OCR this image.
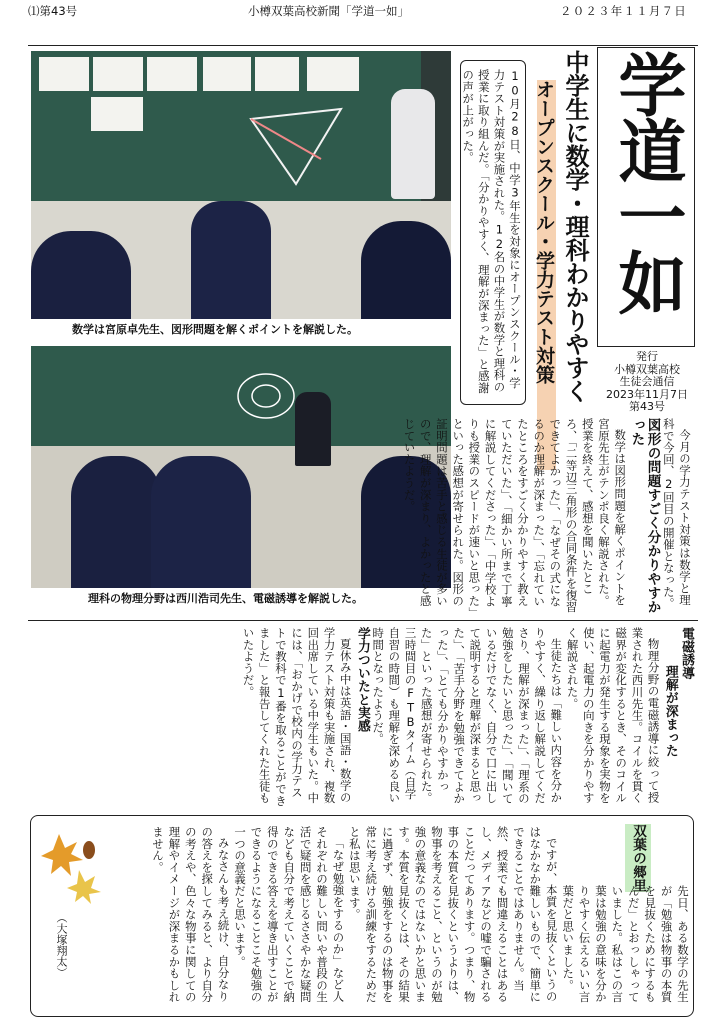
⑴第43号	小樽双葉高校新聞「学道一如」	２０２３年１１月７日
学道一如
発行
小樽双葉高校
生徒会通信
2023年11月7日
第43号
中学生に数学・理科わかりやすく
オープンスクール・学力テスト対策
10月28日、中学3年生を対象にオープンスクール・学力テスト対策が実施された。12名の中学生が数学と理科の授業に取り組んだ。「分かりやすく、理解が深まった」と感謝の声が上がった。
数学は宮原卓先生、図形問題を解くポイントを解説した。
理科の物理分野は西川浩司先生、電磁誘導を解説した。	今月の学力テスト対策は数学と理科で今回、2回目の開催となった。

図形の問題すごく分かりやすかった

数学は図形問題を解くポイントを宮原先生がテンポ良く解説された。授業を終えて、感想を聞いたところ、「二等辺三角形の合同条件を復習できてよかった」、「なぜその式になるのか理解が深まった」、「忘れていたところをすごく分かりやすく教えていただいた」、「細かい所まで丁寧に解説してくださった」、「中学校よりも授業のスピードが速いと思った」といった感想が寄せられた。図形の証明問題は苦手と感じる生徒が多いので、理解が深まり、よかったと感じていたようだ。

電磁誘導

理解が深まった

物理分野の電磁誘導に絞って授業された西川先生。コイルを貫く磁界が変化するとき、そのコイルに起電力が発生する現象を実物を使い、起電力の向きを分かりやすく解説された。

生徒たちは「難しい内容を分かりやすく、繰り返し解説してくださり、理解が深まった」、「理系の勉強をしたいと思った」、「聞いているだけでなく、自分で口に出して説明すると理解が深まると思った」、「苦手分野を勉強できてよかった」、「とても分かりやすかった」といった感想が寄せられた。三時間目のFTBタイム（自学自習の時間）も理解を深める良い時間となったようだ。

学力ついたと実感

夏休み中は英語・国語・数学の学力テスト対策も実施され、複数回出席している中学生もいた。中には、「おかげで校内の学力テストで教科で1番を取ることができました」と報告してくれた生徒もいたようだ。

双葉の郷里

先日、ある数学の先生が「勉強は物事の本質を見抜くためにするもんだ」とおっしゃっていました。私はこの言葉は勉強の意味を分かりやすく伝えるいい言葉だと思いました。

ですが、本質を見抜くというのはなかなか難しいもので、簡単にできることではありません。当然、授業でも間違えることはあるし、メディアなどの嘘で騙されることだってあります。つまり、物事の本質を見抜くというよりは、物事を考えること、というのが勉強の意義なのではないかと思います。本質を見抜くとは、その結果に過ぎず、勉強をするのは物事を常に考え続ける訓練をするためだと私は思います。

「なぜ勉強をするのか」など人それぞれの難しい問いや普段の生活で疑問を感じるささやかな疑問なども自分で考えていくことで納得のできる答えを導き出すことができるようになることこそ勉強の一つの意義だと思います。

みなさんも考え続け、自分なりの答えを探してみると、より自分の考えや、色々な物事に関しての理解やイメージが深まるかもしれません。

（大塚翔太）
